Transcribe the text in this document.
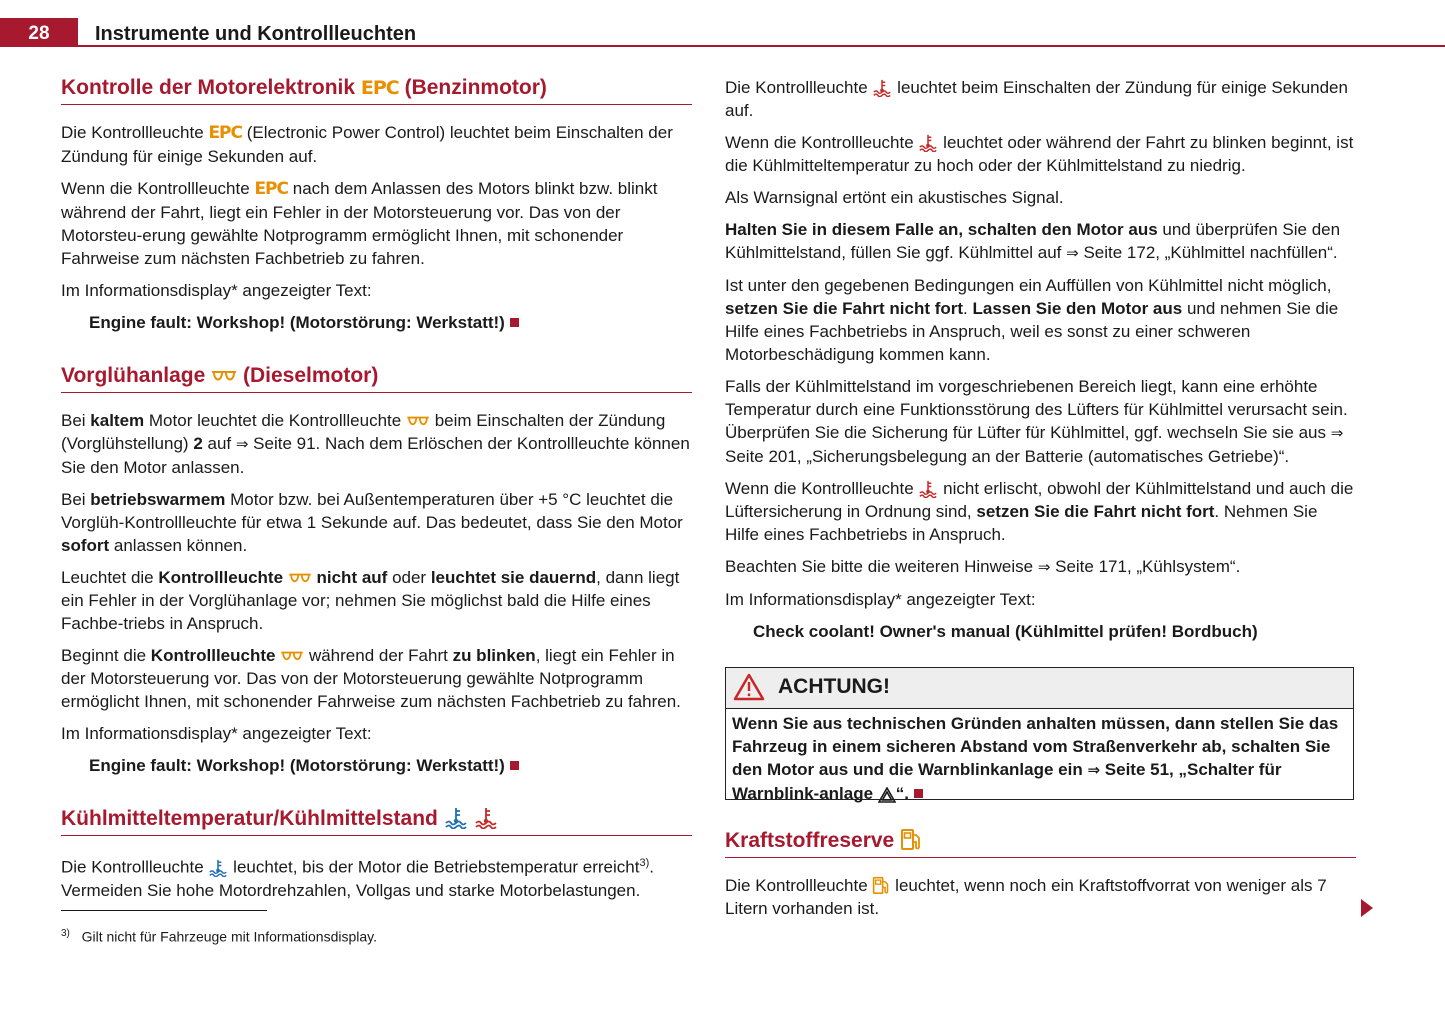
28	Instrumente und Kontrollleuchten
Kontrolle der Motorelektronik EPC (Benzinmotor)

Die Kontrollleuchte EPC (Electronic Power Control) leuchtet beim Einschalten der Zündung für einige Sekunden auf.

Wenn die Kontrollleuchte EPC nach dem Anlassen des Motors blinkt bzw. blinkt während der Fahrt, liegt ein Fehler in der Motorsteuerung vor. Das von der Motorsteu-erung gewählte Notprogramm ermöglicht Ihnen, mit schonender Fahrweise zum nächsten Fachbetrieb zu fahren.

Im Informationsdisplay* angezeigter Text:

Engine fault: Workshop! (Motorstörung: Werkstatt!)

Vorglühanlage (Dieselmotor)

Bei kaltem Motor leuchtet die Kontrollleuchte beim Einschalten der Zündung (Vorglühstellung) 2 auf ⇒ Seite 91. Nach dem Erlöschen der Kontrollleuchte können Sie den Motor anlassen.

Bei betriebswarmem Motor bzw. bei Außentemperaturen über +5 °C leuchtet die Vorglüh-Kontrollleuchte für etwa 1 Sekunde auf. Das bedeutet, dass Sie den Motor sofort anlassen können.

Leuchtet die Kontrollleuchte nicht auf oder leuchtet sie dauernd, dann liegt ein Fehler in der Vorglühanlage vor; nehmen Sie möglichst bald die Hilfe eines Fachbe-triebs in Anspruch.

Beginnt die Kontrollleuchte  während der Fahrt zu blinken, liegt ein Fehler in der Motorsteuerung vor. Das von der Motorsteuerung gewählte Notprogramm ermöglicht Ihnen, mit schonender Fahrweise zum nächsten Fachbetrieb zu fahren.

Im Informationsdisplay* angezeigter Text:

Engine fault: Workshop! (Motorstörung: Werkstatt!)

Kühlmitteltemperatur/Kühlmittelstand

Die Kontrollleuchte leuchtet, bis der Motor die Betriebstemperatur erreicht$^{3)}$. Vermeiden Sie hohe Motordrehzahlen, Vollgas und starke Motorbelastungen.

$^{3)}$ Gilt nicht für Fahrzeuge mit Informationsdisplay.

Die Kontrollleuchte leuchtet beim Einschalten der Zündung für einige Sekunden auf.

Wenn die Kontrollleuchte leuchtet oder während der Fahrt zu blinken beginnt, ist die Kühlmitteltemperatur zu hoch oder der Kühlmittelstand zu niedrig.

Als Warnsignal ertönt ein akustisches Signal.

Halten Sie in diesem Falle an, schalten den Motor aus und überprüfen Sie den Kühlmittelstand, füllen Sie ggf. Kühlmittel auf ⇒ Seite 172, „Kühlmittel nachfüllen“.

Ist unter den gegebenen Bedingungen ein Auffüllen von Kühlmittel nicht möglich, setzen Sie die Fahrt nicht fort. Lassen Sie den Motor aus und nehmen Sie die Hilfe eines Fachbetriebs in Anspruch, weil es sonst zu einer schweren Motorbeschädigung kommen kann.

Falls der Kühlmittelstand im vorgeschriebenen Bereich liegt, kann eine erhöhte Temperatur durch eine Funktionsstörung des Lüfters für Kühlmittel verursacht sein. Überprüfen Sie die Sicherung für Lüfter für Kühlmittel, ggf. wechseln Sie sie aus ⇒ Seite 201, „Sicherungsbelegung an der Batterie (automatisches Getriebe)“.

Wenn die Kontrollleuchte nicht erlischt, obwohl der Kühlmittelstand und auch die Lüftersicherung in Ordnung sind, setzen Sie die Fahrt nicht fort. Nehmen Sie Hilfe eines Fachbetriebs in Anspruch.

Beachten Sie bitte die weiteren Hinweise ⇒ Seite 171, „Kühlsystem“.

Im Informationsdisplay* angezeigter Text:

Check coolant! Owner's manual (Kühlmittel prüfen! Bordbuch)

ACHTUNG!
Wenn Sie aus technischen Gründen anhalten müssen, dann stellen Sie das Fahrzeug in einem sicheren Abstand vom Straßenverkehr ab, schalten Sie den Motor aus und die Warnblinkanlage ein ⇒ Seite 51, „Schalter für Warnblink-anlage “.
Kraftstoffreserve

Die Kontrollleuchte leuchtet, wenn noch ein Kraftstoffvorrat von weniger als 7 Litern vorhanden ist.
